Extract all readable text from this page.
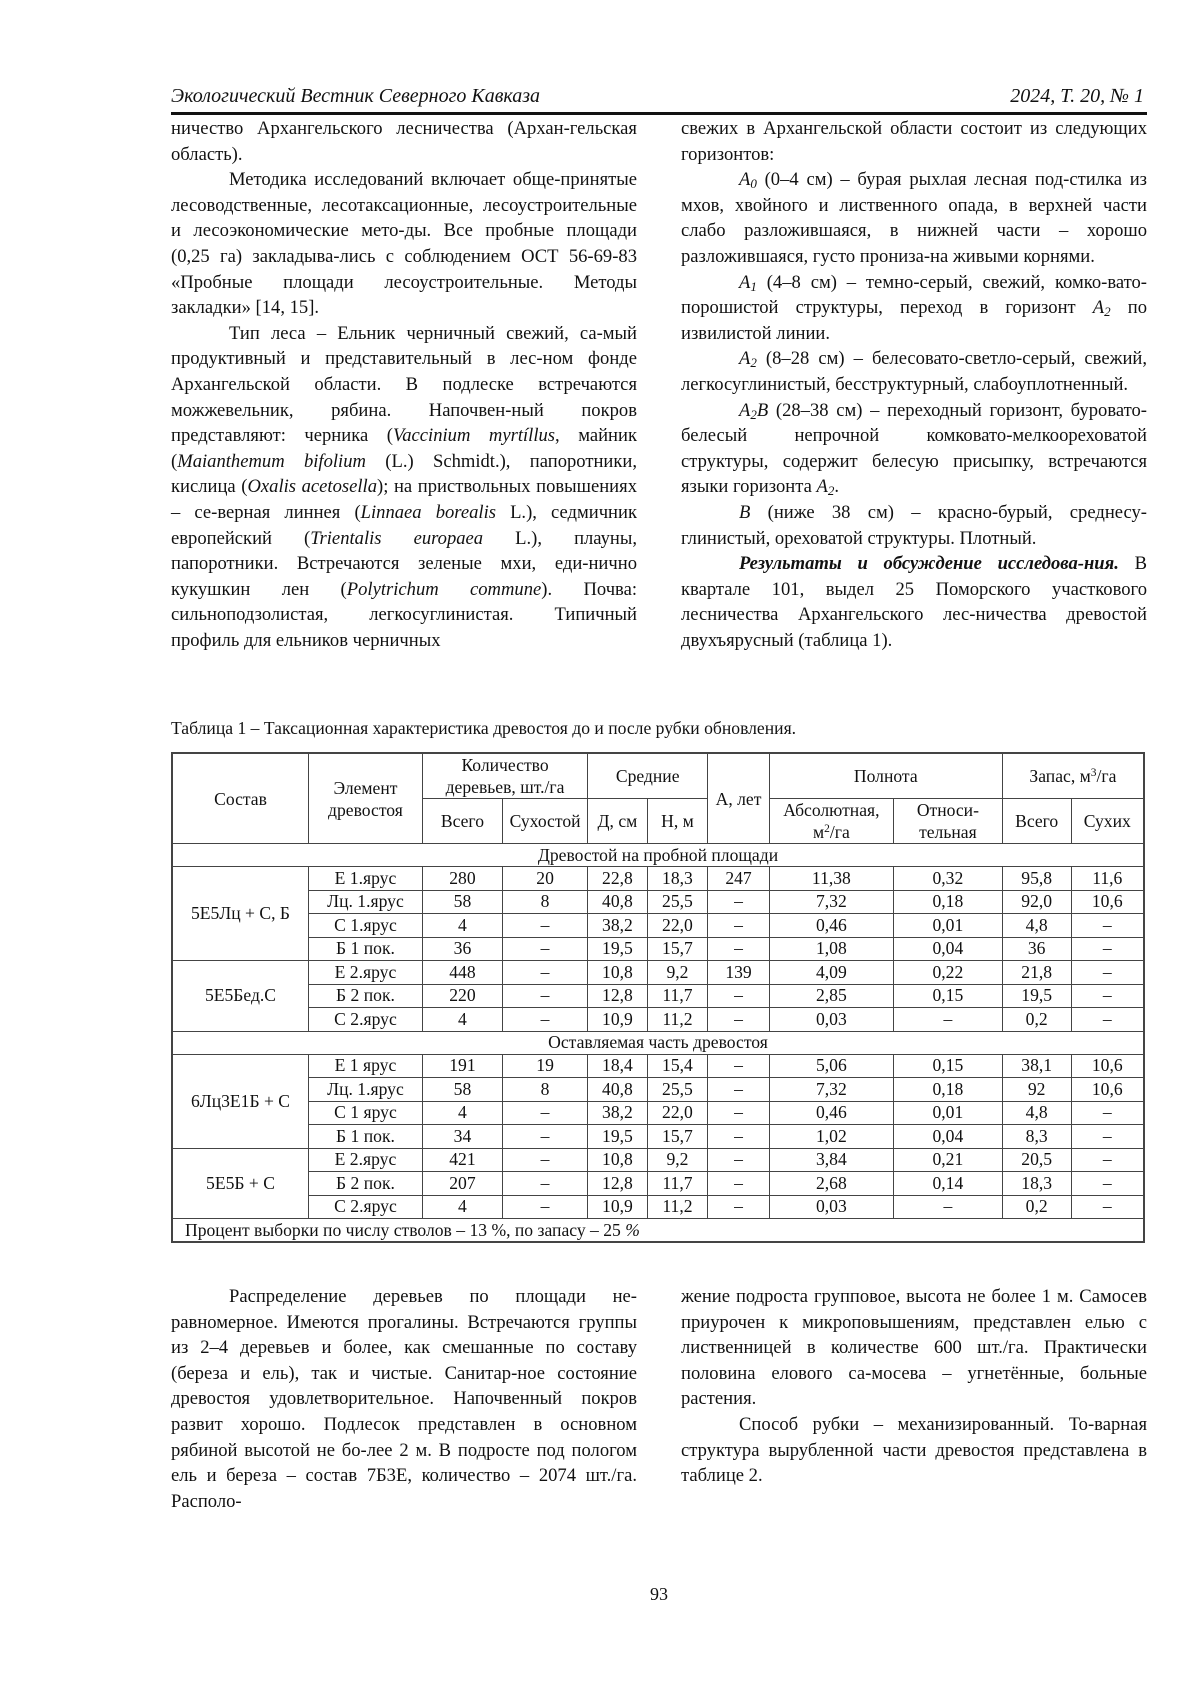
Экологический Вестник Северного Кавказа	2024, Т. 20, № 1

ничество Архангельского лесничества (Архан-гельская область).

Методика исследований включает обще-принятые лесоводственные, лесотаксационные, лесоустроительные и лесоэкономические мето-ды. Все пробные площади (0,25 га) закладыва-лись с соблюдением ОСТ 56-69-83 «Пробные площади лесоустроительные. Методы закладки» [14, 15].

Тип леса – Ельник черничный свежий, са-мый продуктивный и представительный в лес-ном фонде Архангельской области. В подлеске встречаются можжевельник, рябина. Напочвен-ный покров представляют: черника (Vaccinium myrtíllus, майник (Maianthemum bifolium (L.) Schmidt.), папоротники, кислица (Oxalis acetosella); на приствольных повышениях – се-верная линнея (Linnaea borealis L.), седмичник европейский (Trientalis europaea L.), плауны, папоротники. Встречаются зеленые мхи, еди-нично кукушкин лен (Polytrichum commune). Почва: сильноподзолистая, легкосуглинистая. Типичный профиль для ельников черничных

свежих в Архангельской области состоит из следующих горизонтов:

$A_0$ (0–4 см) – бурая рыхлая лесная под-стилка из мхов, хвойного и лиственного опада, в верхней части слабо разложившаяся, в нижней части – хорошо разложившаяся, густо прониза-на живыми корнями.

$A_1$ (4–8 см) – темно-серый, свежий, комко-вато-порошистой структуры, переход в горизонт $A_2$ по извилистой линии.

$A_2$ (8–28 см) – белесовато-светло-серый, свежий, легкосуглинистый, бесструктурный, слабоуплотненный.

$A_2B$ (28–38 см) – переходный горизонт, буровато-белесый непрочной комковато-мелкоореховатой структуры, содержит белесую присыпку, встречаются языки горизонта $A_2$.

B (ниже 38 см) – красно-бурый, среднесу-глинистый, ореховатой структуры. Плотный.

Результаты и обсуждение исследова-ния. В квартале 101, выдел 25 Поморского участкового лесничества Архангельского лес-ничества древостой двухъярусный (таблица 1).

Таблица 1 – Таксационная характеристика древостоя до и после рубки обновления.
Состав	Элемент древостоя	Количество деревьев, шт./га		Средние		А, лет	Полнота		Запас, $м^3/га$	
		Всего	Сухостой	Д, см	Н, м		Абсолютная, $м^2/га$	Относи-тельная	Всего	Сухих
Древостой на пробной площади										
5Е5Лц + С, Б	Е 1.ярус	280	20	22,8	18,3	247	11,38	0,32	95,8	11,6
	Лц. 1.ярус	58	8	40,8	25,5	–	7,32	0,18	92,0	10,6
	С 1.ярус	4	–	38,2	22,0	–	0,46	0,01	4,8	–
	Б 1 пок.	36	–	19,5	15,7	–	1,08	0,04	36	–
5Е5Бед.С	Е 2.ярус	448	–	10,8	9,2	139	4,09	0,22	21,8	–
	Б 2 пок.	220	–	12,8	11,7	–	2,85	0,15	19,5	–
	С 2.ярус	4	–	10,9	11,2	–	0,03	–	0,2	–
Оставляемая часть древостоя										
6Лц3Е1Б + С	Е 1 ярус	191	19	18,4	15,4	–	5,06	0,15	38,1	10,6
	Лц. 1.ярус	58	8	40,8	25,5	–	7,32	0,18	92	10,6
	С 1 ярус	4	–	38,2	22,0	–	0,46	0,01	4,8	–
	Б 1 пок.	34	–	19,5	15,7	–	1,02	0,04	8,3	–
5Е5Б + С	Е 2.ярус	421	–	10,8	9,2	–	3,84	0,21	20,5	–
	Б 2 пок.	207	–	12,8	11,7	–	2,68	0,14	18,3	–
	С 2.ярус	4	–	10,9	11,2	–	0,03	–	0,2	–
Процент выборки по числу стволов – 13 %, по запасу – 25 %										

Распределение деревьев по площади не-равномерное. Имеются прогалины. Встречаются группы из 2–4 деревьев и более, как смешанные по составу (береза и ель), так и чистые. Санитар-ное состояние древостоя удовлетворительное. Напочвенный покров развит хорошо. Подлесок представлен в основном рябиной высотой не бо-лее 2 м. В подросте под пологом ель и береза – состав 7Б3Е, количество – 2074 шт./га. Располо-

жение подроста групповое, высота не более 1 м. Самосев приурочен к микроповышениям, представлен елью с лиственницей в количестве 600 шт./га. Практически половина елового са-мосева – угнетённые, больные растения.

Способ рубки – механизированный. То-варная структура вырубленной части древостоя представлена в таблице 2.

93
